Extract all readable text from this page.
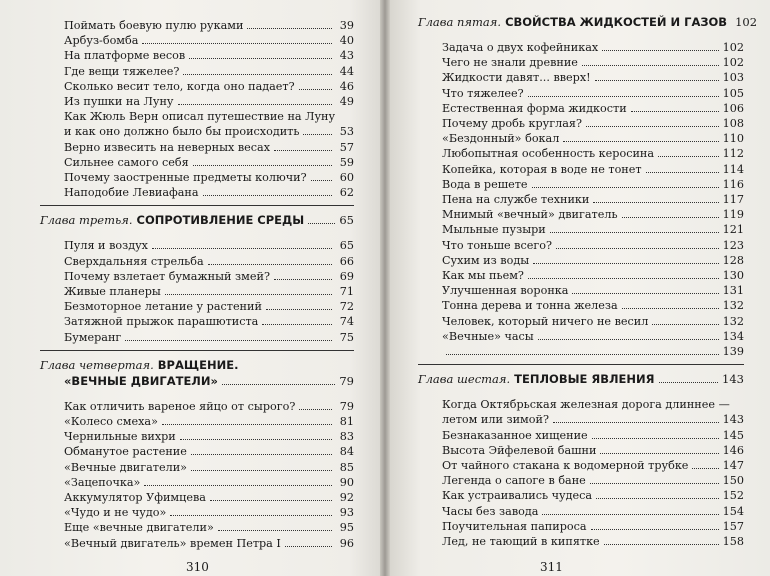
Поймать боевую пулю руками	39
Арбуз-бомба	40
На платформе весов	43
Где вещи тяжелее?	44
Сколько весит тело, когда оно падает?	46
Из пушки на Луну	49
Как Жюль Верн описал путешествие на Луну
и как оно должно было бы происходить	53
Верно извесить на неверных весах	57
Сильнее самого себя	59
Почему заостренные предметы колючи?	60
Наподобие Левиафана	62
Глава третья. СОПРОТИВЛЕНИЕ СРЕДЫ	65
Пуля и воздух	65
Сверхдальняя стрельба	66
Почему взлетает бумажный змей?	69
Живые планеры	71
Безмоторное летание у растений	72
Затяжной прыжок парашютиста	74
Бумеранг	75
Глава четвертая. ВРАЩЕНИЕ.
«ВЕЧНЫЕ ДВИГАТЕЛИ»	79
Как отличить вареное яйцо от сырого?	79
«Колесо смеха»	81
Чернильные вихри	83
Обманутое растение	84
«Вечные двигатели»	85
«Зацепочка»	90
Аккумулятор Уфимцева	92
«Чудо и не чудо»	93
Еще «вечные двигатели»	95
«Вечный двигатель» времен Петра I	96
310
Глава пятая. СВОЙСТВА ЖИДКОСТЕЙ И ГАЗОВ 102
Задача о двух кофейниках	102
Чего не знали древние	102
Жидкости давят... вверх!	103
Что тяжелее?	105
Естественная форма жидкости	106
Почему дробь круглая?	108
«Бездонный» бокал	110
Любопытная особенность керосина	112
Копейка, которая в воде не тонет	114
Вода в решете	116
Пена на службе техники	117
Мнимый «вечный» двигатель	119
Мыльные пузыри	121
Что тоньше всего?	123
Сухим из воды	128
Как мы пьем?	130
Улучшенная воронка	131
Тонна дерева и тонна железа	132
Человек, который ничего не весил	132
«Вечные» часы	134
139
Глава шестая. ТЕПЛОВЫЕ ЯВЛЕНИЯ	143
Когда Октябрьская железная дорога длиннее —
летом или зимой?	143
Безнаказанное хищение	145
Высота Эйфелевой башни	146
От чайного стакана к водомерной трубке	147
Легенда о сапоге в бане	150
Как устраивались чудеса	152
Часы без завода	154
Поучительная папироса	157
Лед, не тающий в кипятке	158
311
